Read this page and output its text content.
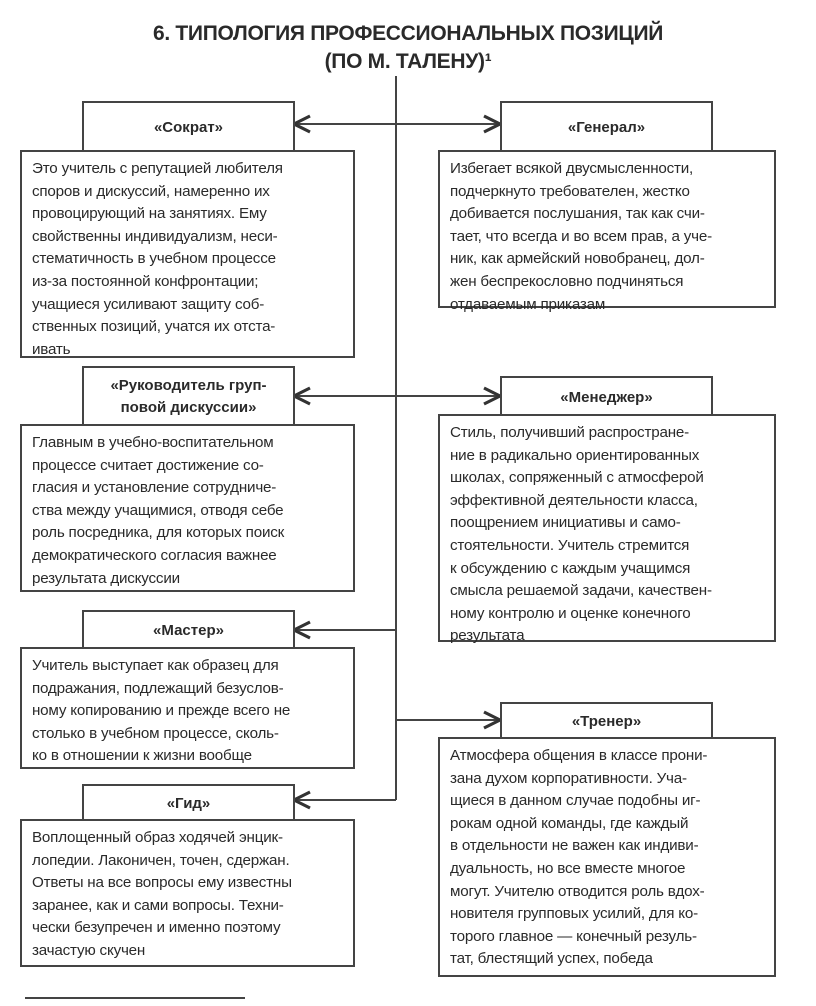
6. ТИПОЛОГИЯ ПРОФЕССИОНАЛЬНЫХ ПОЗИЦИЙ
(ПО М. ТАЛЕНУ)¹
«Сократ»
Это учитель с репутацией любителя
споров и дискуссий, намеренно их
провоцирующий на занятиях. Ему
свойственны индивидуализм, неси-
стематичность в учебном процессе
из-за постоянной конфронтации;
учащиеся усиливают защиту соб-
ственных позиций, учатся их отста-
ивать
«Генерал»
Избегает всякой двусмысленности,
подчеркнуто требователен, жестко
добивается послушания, так как счи-
тает, что всегда и во всем прав, а уче-
ник, как армейский новобранец, дол-
жен беспрекословно подчиняться
отдаваемым приказам
«Руководитель груп-
повой дискуссии»
Главным в учебно-воспитательном
процессе считает достижение со-
гласия и установление сотрудниче-
ства между учащимися, отводя себе
роль посредника, для которых поиск
демократического согласия важнее
результата дискуссии
«Менеджер»
Стиль, получивший распростране-
ние в радикально ориентированных
школах, сопряженный с атмосферой
эффективной деятельности класса,
поощрением инициативы и само-
стоятельности. Учитель стремится
к обсуждению с каждым учащимся
смысла решаемой задачи, качествен-
ному контролю и оценке конечного
результата
«Мастер»
Учитель выступает как образец для
подражания, подлежащий безуслов-
ному копированию и прежде всего не
столько в учебном процессе, сколь-
ко в отношении к жизни вообще
«Тренер»
Атмосфера общения в классе прони-
зана духом корпоративности. Уча-
щиеся в данном случае подобны иг-
рокам одной команды, где каждый
в отдельности не важен как индиви-
дуальность, но все вместе многое
могут. Учителю отводится роль вдох-
новителя групповых усилий, для ко-
торого главное — конечный резуль-
тат, блестящий успех, победа
«Гид»
Воплощенный образ ходячей энцик-
лопедии. Лаконичен, точен, сдержан.
Ответы на все вопросы ему известны
заранее, как и сами вопросы. Техни-
чески безупречен и именно поэтому
зачастую скучен
